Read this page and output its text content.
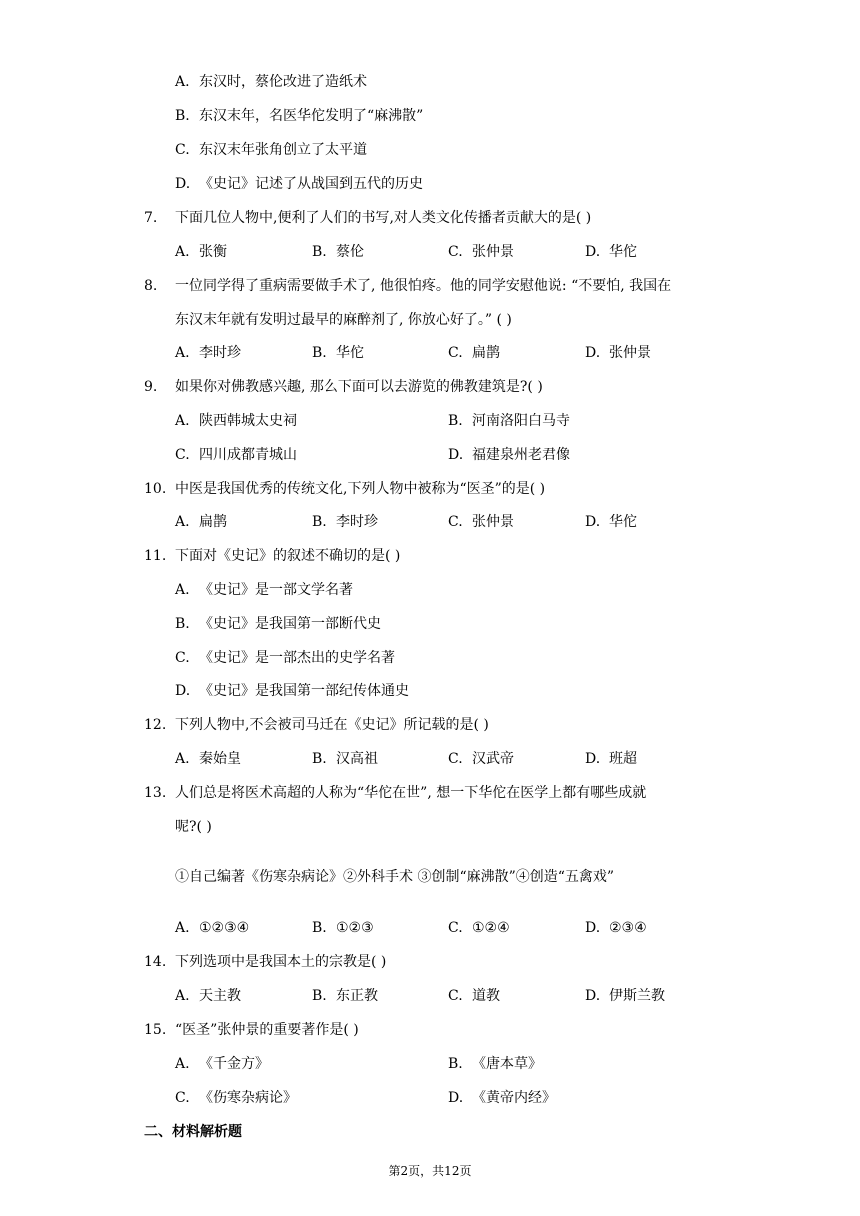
A. 东汉时，蔡伦改进了造纸术
B. 东汉末年，名医华佗发明了“麻沸散”
C. 东汉末年张角创立了太平道
D. 《史记》记述了从战国到五代的历史
7.	下面几位人物中,便利了人们的书写,对人类文化传播者贡献大的是( )
A. 张衡	B. 蔡伦	C. 张仲景	D. 华佗
8.	一位同学得了重病需要做手术了, 他很怕疼。他的同学安慰他说: “不要怕, 我国在
东汉末年就有发明过最早的麻醉剂了, 你放心好了。” ( )
A. 李时珍	B. 华佗	C. 扁鹊	D. 张仲景
9.	如果你对佛教感兴趣, 那么下面可以去游览的佛教建筑是?( )
A. 陕西韩城太史祠	B. 河南洛阳白马寺
C. 四川成都青城山	D. 福建泉州老君像
10. 中医是我国优秀的传统文化,下列人物中被称为“医圣”的是( )
A. 扁鹊	B. 李时珍	C. 张仲景	D. 华佗
11. 下面对《史记》的叙述不确切的是( )
A. 《史记》是一部文学名著
B. 《史记》是我国第一部断代史
C. 《史记》是一部杰出的史学名著
D. 《史记》是我国第一部纪传体通史
12. 下列人物中,不会被司马迁在《史记》所记载的是( )
A. 秦始皇	B. 汉高祖	C. 汉武帝	D. 班超
13. 人们总是将医术高超的人称为“华佗在世”, 想一下华佗在医学上都有哪些成就
呢?( )
①自己编著《伤寒杂病论》②外科手术 ③创制“麻沸散”④创造“五禽戏”
A. ①②③④	B. ①②③	C. ①②④	D. ②③④
14. 下列选项中是我国本土的宗教是( )
A. 天主教	B. 东正教	C. 道教	D. 伊斯兰教
15. “医圣”张仲景的重要著作是( )
A. 《千金方》	B. 《唐本草》
C. 《伤寒杂病论》	D. 《黄帝内经》
二、材料解析题
第2页，共12页
